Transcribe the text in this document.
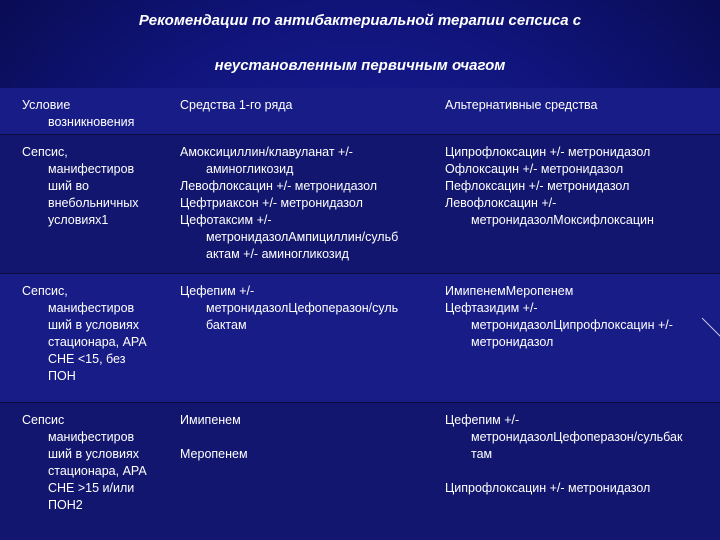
Рекомендации по антибактериальной терапии сепсиса с
неустановленным первичным очагом
Условие
возникновения
Средства 1-го ряда	Альтернативные средства
Сепсис,
манифестиров
ший во
внебольничных
условиях1
Амоксициллин/клавуланат +/-
аминогликозид
Левофлоксацин +/- метронидазол
Цефтриаксон +/- метронидазол
Цефотаксим +/-
метронидазолАмпициллин/сульб
актам +/- аминогликозид
Ципрофлоксацин +/- метронидазол
Офлоксацин +/- метронидазол
Пефлоксацин +/- метронидазол
Левофлоксацин +/-
метронидазолМоксифлоксацин
Сепсис,
манифестиров
ший в условиях
стационара, АРА
СНЕ <15, без
ПОН
Цефепим +/-
метронидазолЦефоперазон/суль
бактам
ИмипенемМеропенем
Цефтазидим +/-
метронидазолЦипрофлоксацин +/-
метронидазол
Сепсис
манифестиров
ший в условиях
стационара, АРА
СНЕ >15 и/или
ПОН2
Имипенем
Меропенем
Цефепим +/-
метронидазолЦефоперазон/сульбак
там
Ципрофлоксацин +/- метронидазол
